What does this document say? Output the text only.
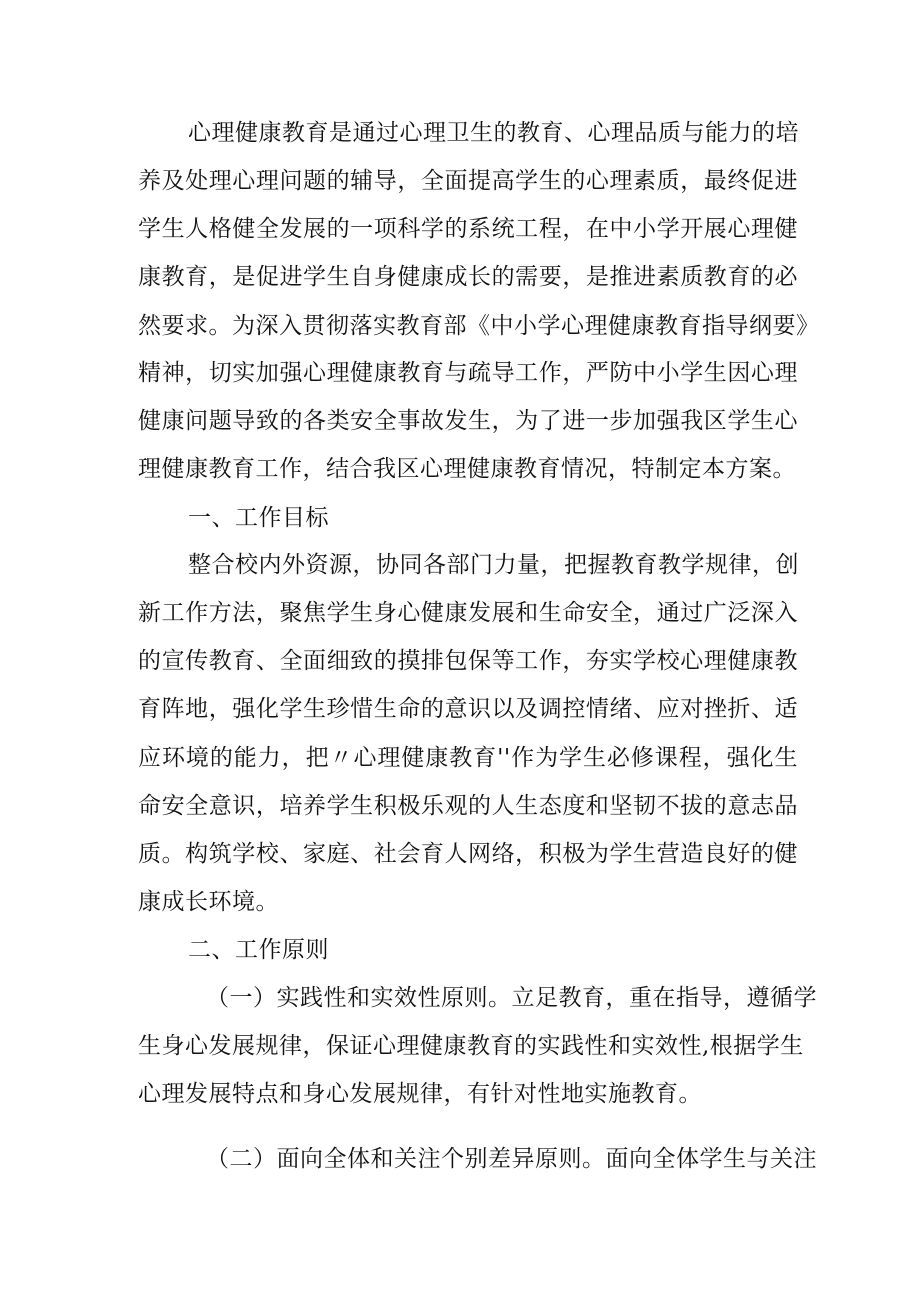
心理健康教育是通过心理卫生的教育、心理品质与能力的培
养及处理心理问题的辅导，全面提高学生的心理素质，最终促进
学生人格健全发展的一项科学的系统工程，在中小学开展心理健
康教育，是促进学生自身健康成长的需要，是推进素质教育的必
然要求。为深入贯彻落实教育部《中小学心理健康教育指导纲要》
精神，切实加强心理健康教育与疏导工作，严防中小学生因心理
健康问题导致的各类安全事故发生，为了进一步加强我区学生心
理健康教育工作，结合我区心理健康教育情况，特制定本方案。
一、工作目标
整合校内外资源，协同各部门力量，把握教育教学规律，创
新工作方法，聚焦学生身心健康发展和生命安全，通过广泛深入
的宣传教育、全面细致的摸排包保等工作，夯实学校心理健康教
育阵地，强化学生珍惜生命的意识以及调控情绪、应对挫折、适
应环境的能力，把〃心理健康教育''作为学生必修课程，强化生
命安全意识，培养学生积极乐观的人生态度和坚韧不拔的意志品
质。构筑学校、家庭、社会育人网络，积极为学生营造良好的健
康成长环境。
二、工作原则
（一）实践性和实效性原则。立足教育，重在指导，遵循学
生身心发展规律，保证心理健康教育的实践性和实效性,根据学生
心理发展特点和身心发展规律，有针对性地实施教育。
（二）面向全体和关注个别差异原则。面向全体学生与关注
